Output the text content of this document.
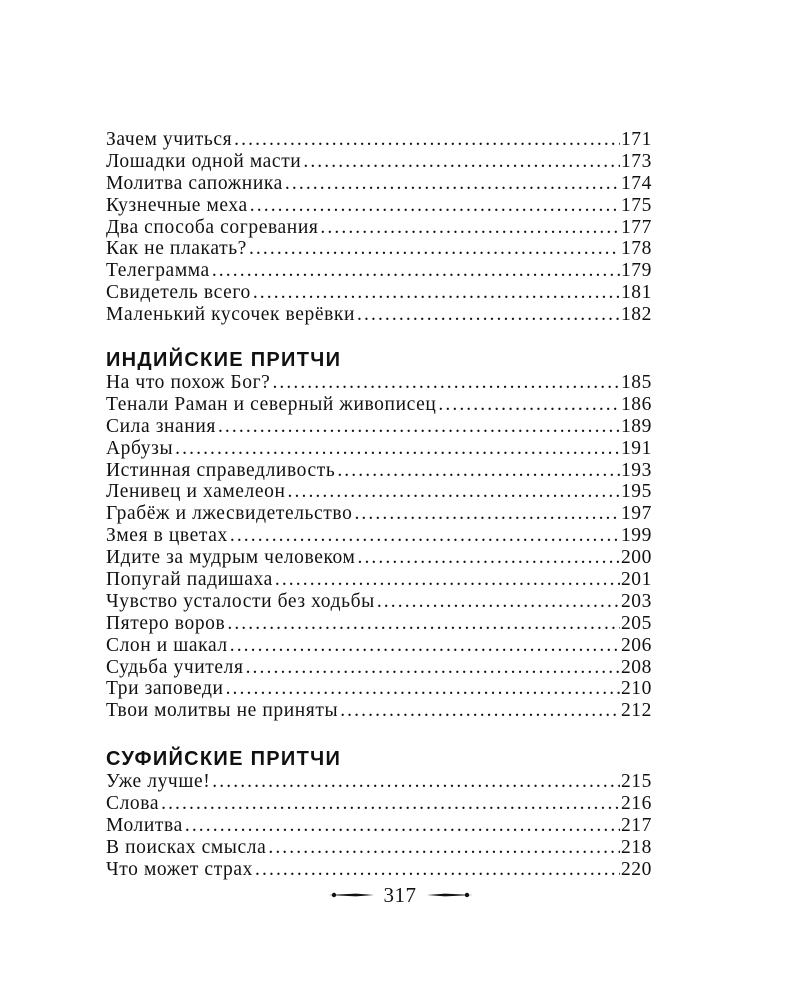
Зачем учиться .....	171
Лошадки одной масти .....	173
Молитва сапожника .....	174
Кузнечные меха .....	175
Два способа согревания .....	177
Как не плакать? .....	178
Телеграмма .....	179
Свидетель всего .....	181
Маленький кусочек верёвки .....	182
ИНДИЙСКИЕ ПРИТЧИ
На что похож Бог? .....	185
Тенали Раман и северный живописец .....	186
Сила знания .....	189
Арбузы .....	191
Истинная справедливость .....	193
Ленивец и хамелеон .....	195
Грабёж и лжесвидетельство .....	197
Змея в цветах .....	199
Идите за мудрым человеком .....	200
Попугай падишаха .....	201
Чувство усталости без ходьбы .....	203
Пятеро воров .....	205
Слон и шакал .....	206
Судьба учителя .....	208
Три заповеди .....	210
Твои молитвы не приняты .....	212
СУФИЙСКИЕ ПРИТЧИ
Уже лучше! .....	215
Слова .....	216
Молитва .....	217
В поисках смысла .....	218
Что может страх .....	220
317
